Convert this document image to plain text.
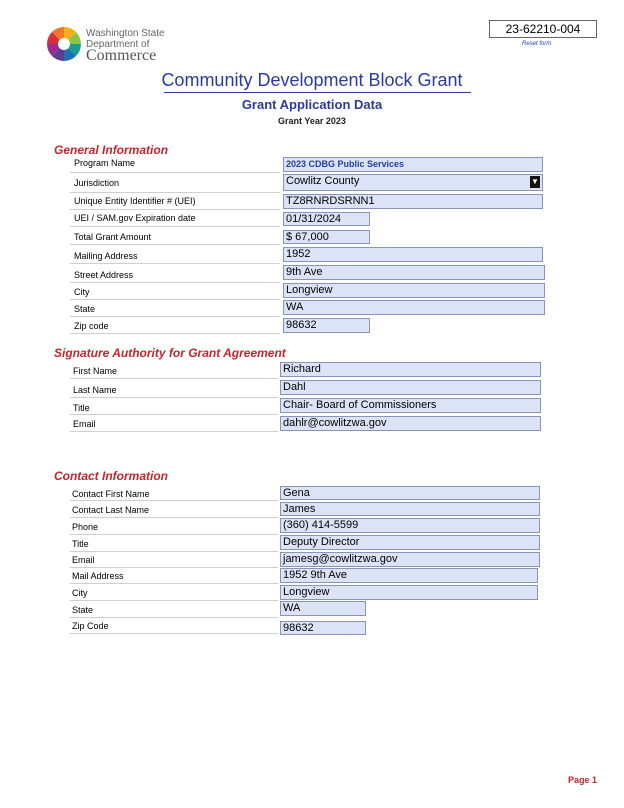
Washington State
Department of
Commerce
23-62210-004
Reset form
Community Development Block Grant
Grant Application Data
Grant Year 2023
General Information
Program Name	2023 CDBG Public Services
Jurisdiction	Cowlitz County	▼
Unique Entity Identifier # (UEI)	TZ8RNRDSRNN1
UEI / SAM.gov Expiration date	01/31/2024
Total Grant Amount	$ 67,000
Mailing Address	1952
Street Address	9th Ave
City	Longview
State	WA
Zip code	98632
Signature Authority for Grant Agreement
First Name	Richard
Last Name	Dahl
Title	Chair- Board of Commissioners
Email	dahlr@cowlitzwa.gov
Contact Information
Contact First Name	Gena
Contact Last Name	James
Phone	(360) 414-5599
Title	Deputy Director
Email	jamesg@cowlitzwa.gov
Mail Address	1952 9th Ave
City	Longview
State	WA
Zip Code	98632
Page 1
